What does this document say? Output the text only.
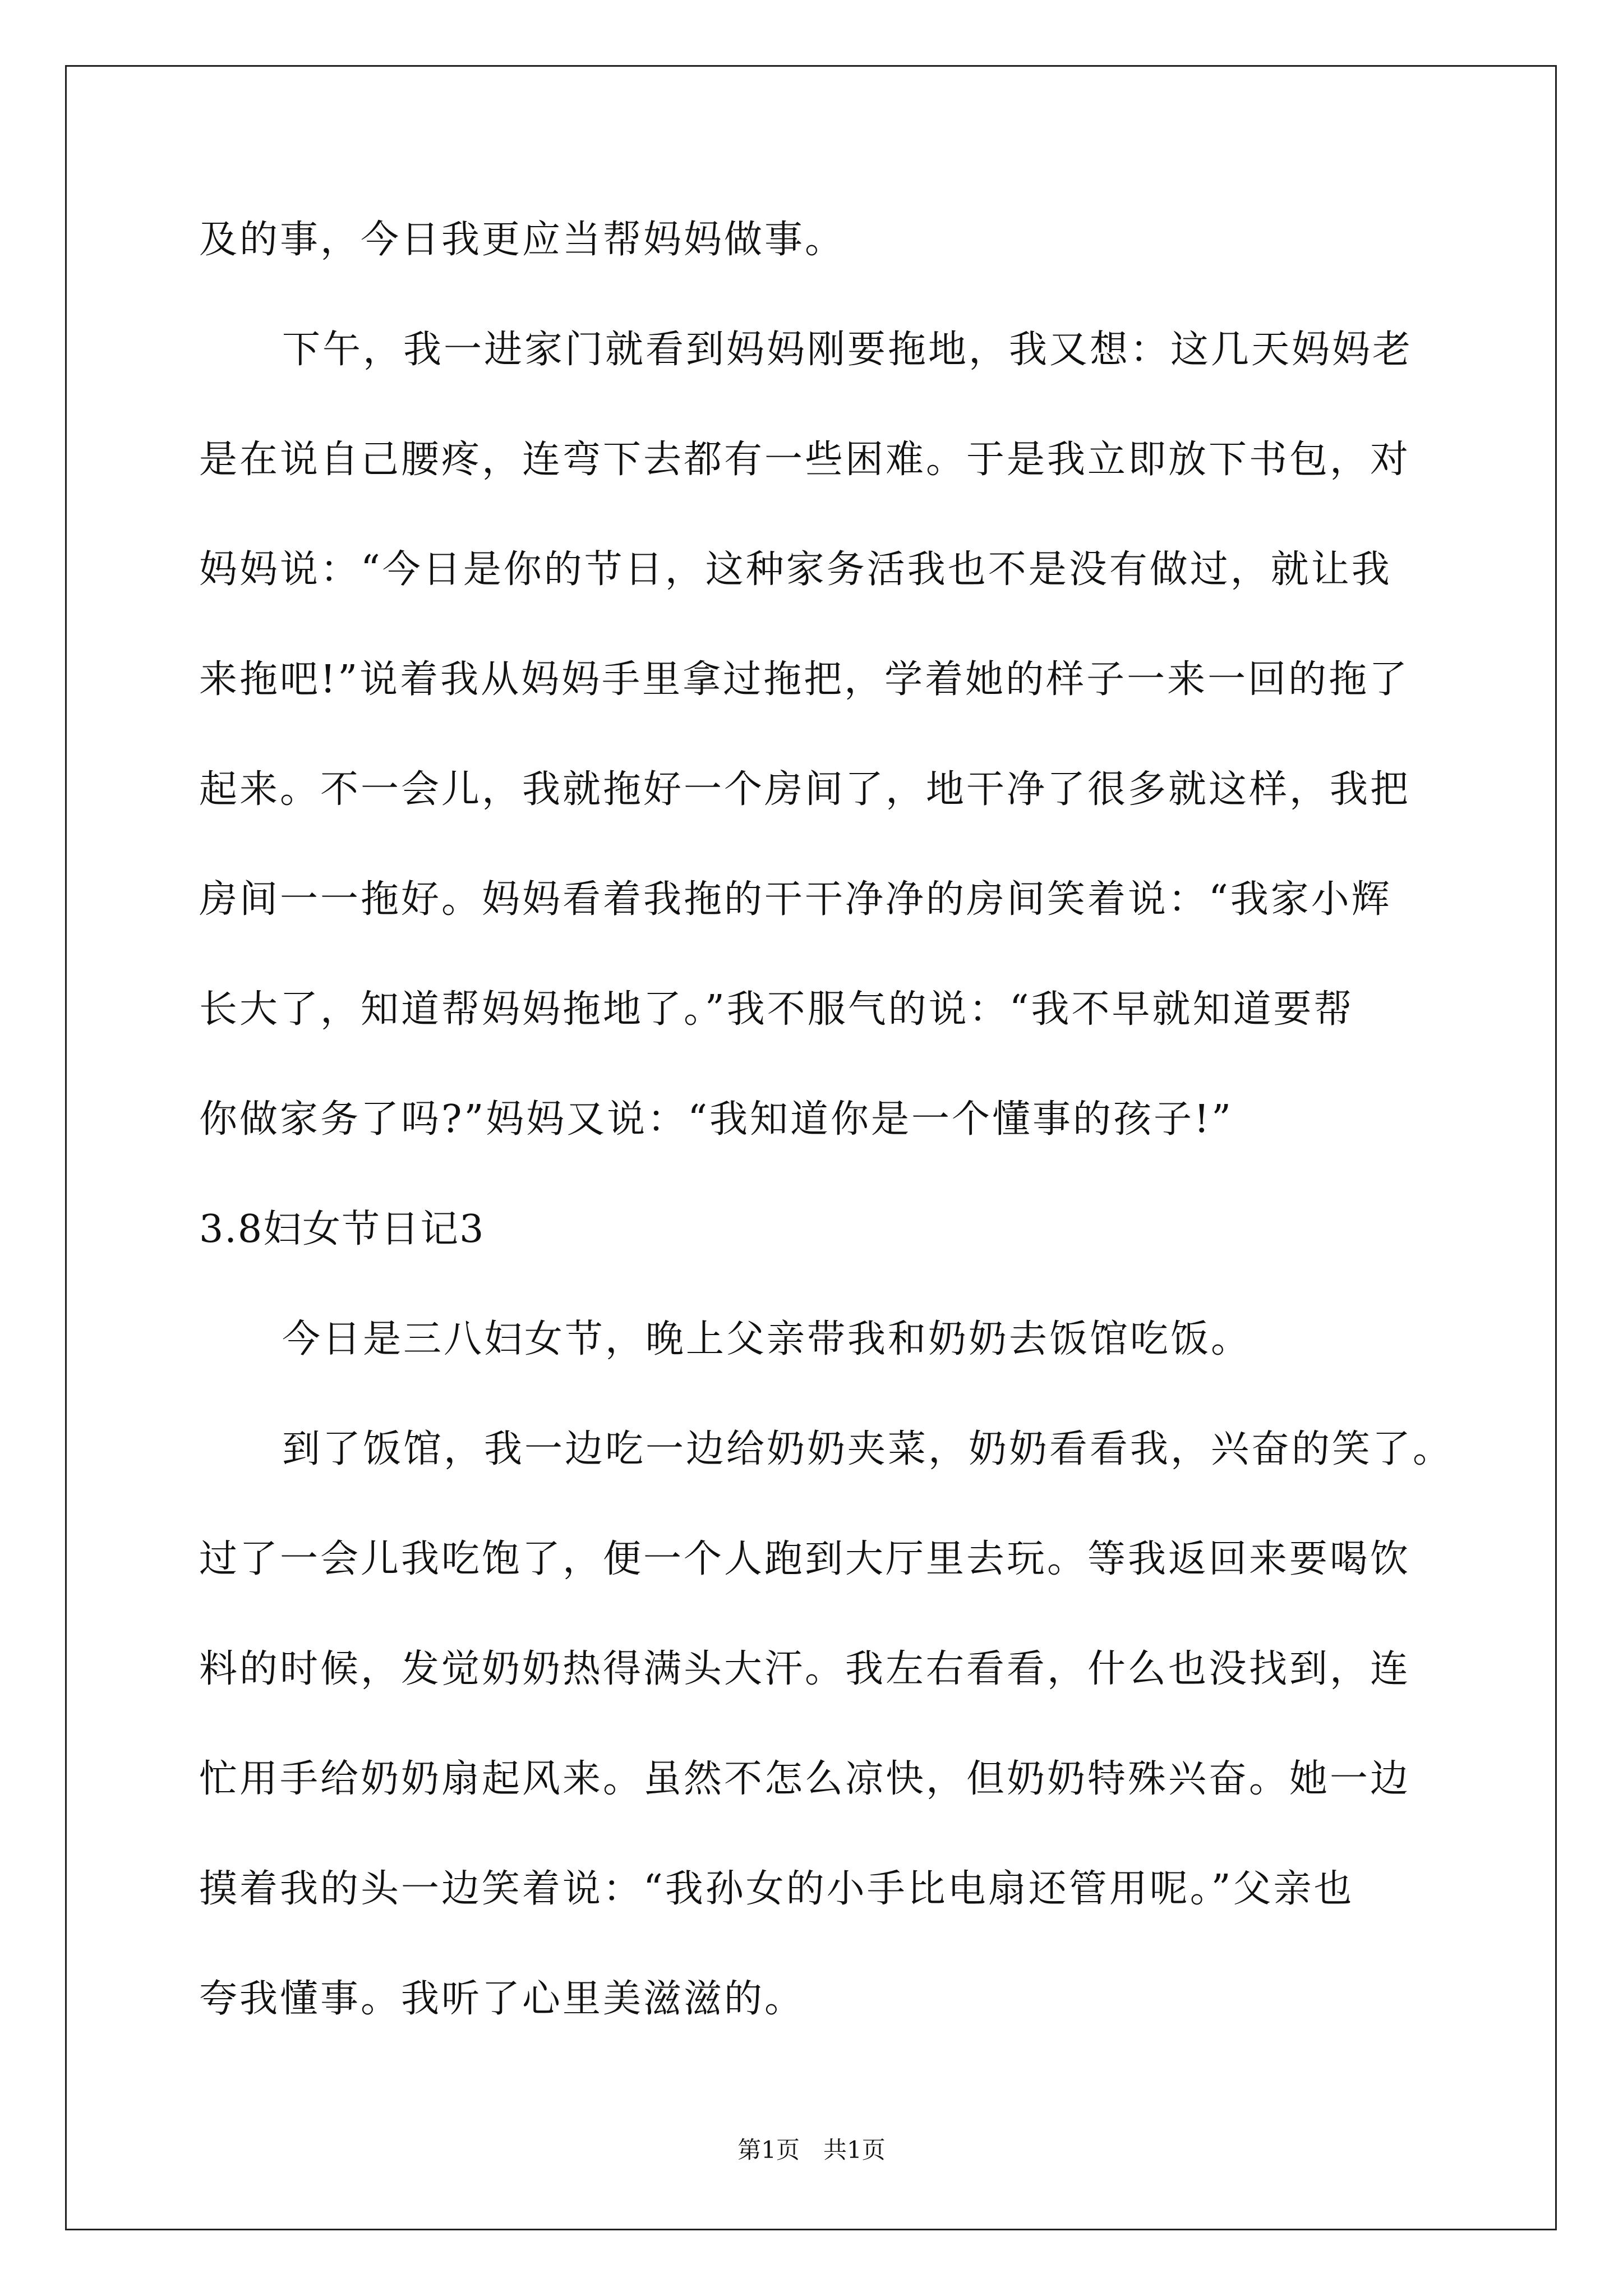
及的事，今日我更应当帮妈妈做事。
下午，我一进家门就看到妈妈刚要拖地，我又想：这几天妈妈老
是在说自己腰疼，连弯下去都有一些困难。于是我立即放下书包，对
妈妈说：“今日是你的节日，这种家务活我也不是没有做过，就让我
来拖吧!”说着我从妈妈手里拿过拖把，学着她的样子一来一回的拖了
起来。不一会儿，我就拖好一个房间了，地干净了很多就这样，我把
房间一一拖好。妈妈看着我拖的干干净净的房间笑着说：“我家小辉
长大了，知道帮妈妈拖地了。”我不服气的说：“我不早就知道要帮
你做家务了吗?”妈妈又说：“我知道你是一个懂事的孩子!”
3.8妇女节日记3
今日是三八妇女节，晚上父亲带我和奶奶去饭馆吃饭。
到了饭馆，我一边吃一边给奶奶夹菜，奶奶看看我，兴奋的笑了。
过了一会儿我吃饱了，便一个人跑到大厅里去玩。等我返回来要喝饮
料的时候，发觉奶奶热得满头大汗。我左右看看，什么也没找到，连
忙用手给奶奶扇起风来。虽然不怎么凉快，但奶奶特殊兴奋。她一边
摸着我的头一边笑着说：“我孙女的小手比电扇还管用呢。”父亲也
夸我懂事。我听了心里美滋滋的。
第1页　共1页
